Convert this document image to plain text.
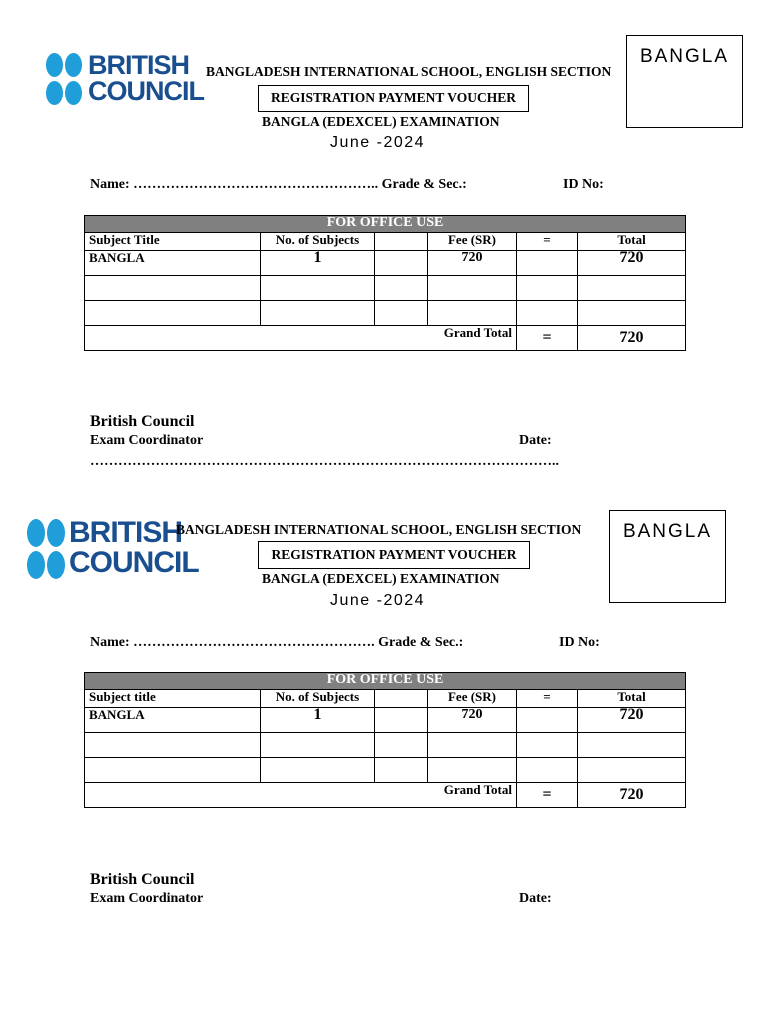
BRITISH
COUNCIL
BANGLADESH INTERNATIONAL SCHOOL, ENGLISH SECTION
REGISTRATION PAYMENT VOUCHER
BANGLA (EDEXCEL) EXAMINATION
June -2024
BANGLA
Name: …………………………………………….. Grade & Sec.:	ID No:
FOR OFFICE USE					
Subject Title	No. of Subjects		Fee (SR)	=	Total
BANGLA	1		720		720

Grand Total				=	720
British Council
Exam Coordinator	Date:
………………………………………………………………………………………..
BRITISH
COUNCIL
BANGLADESH INTERNATIONAL SCHOOL, ENGLISH SECTION
REGISTRATION PAYMENT VOUCHER
BANGLA (EDEXCEL) EXAMINATION
June -2024
BANGLA
Name: ……………………………………………. Grade & Sec.:	ID No:
FOR OFFICE USE					
Subject title	No. of Subjects		Fee (SR)	=	Total
BANGLA	1		720		720

Grand Total				=	720
British Council
Exam Coordinator	Date:
